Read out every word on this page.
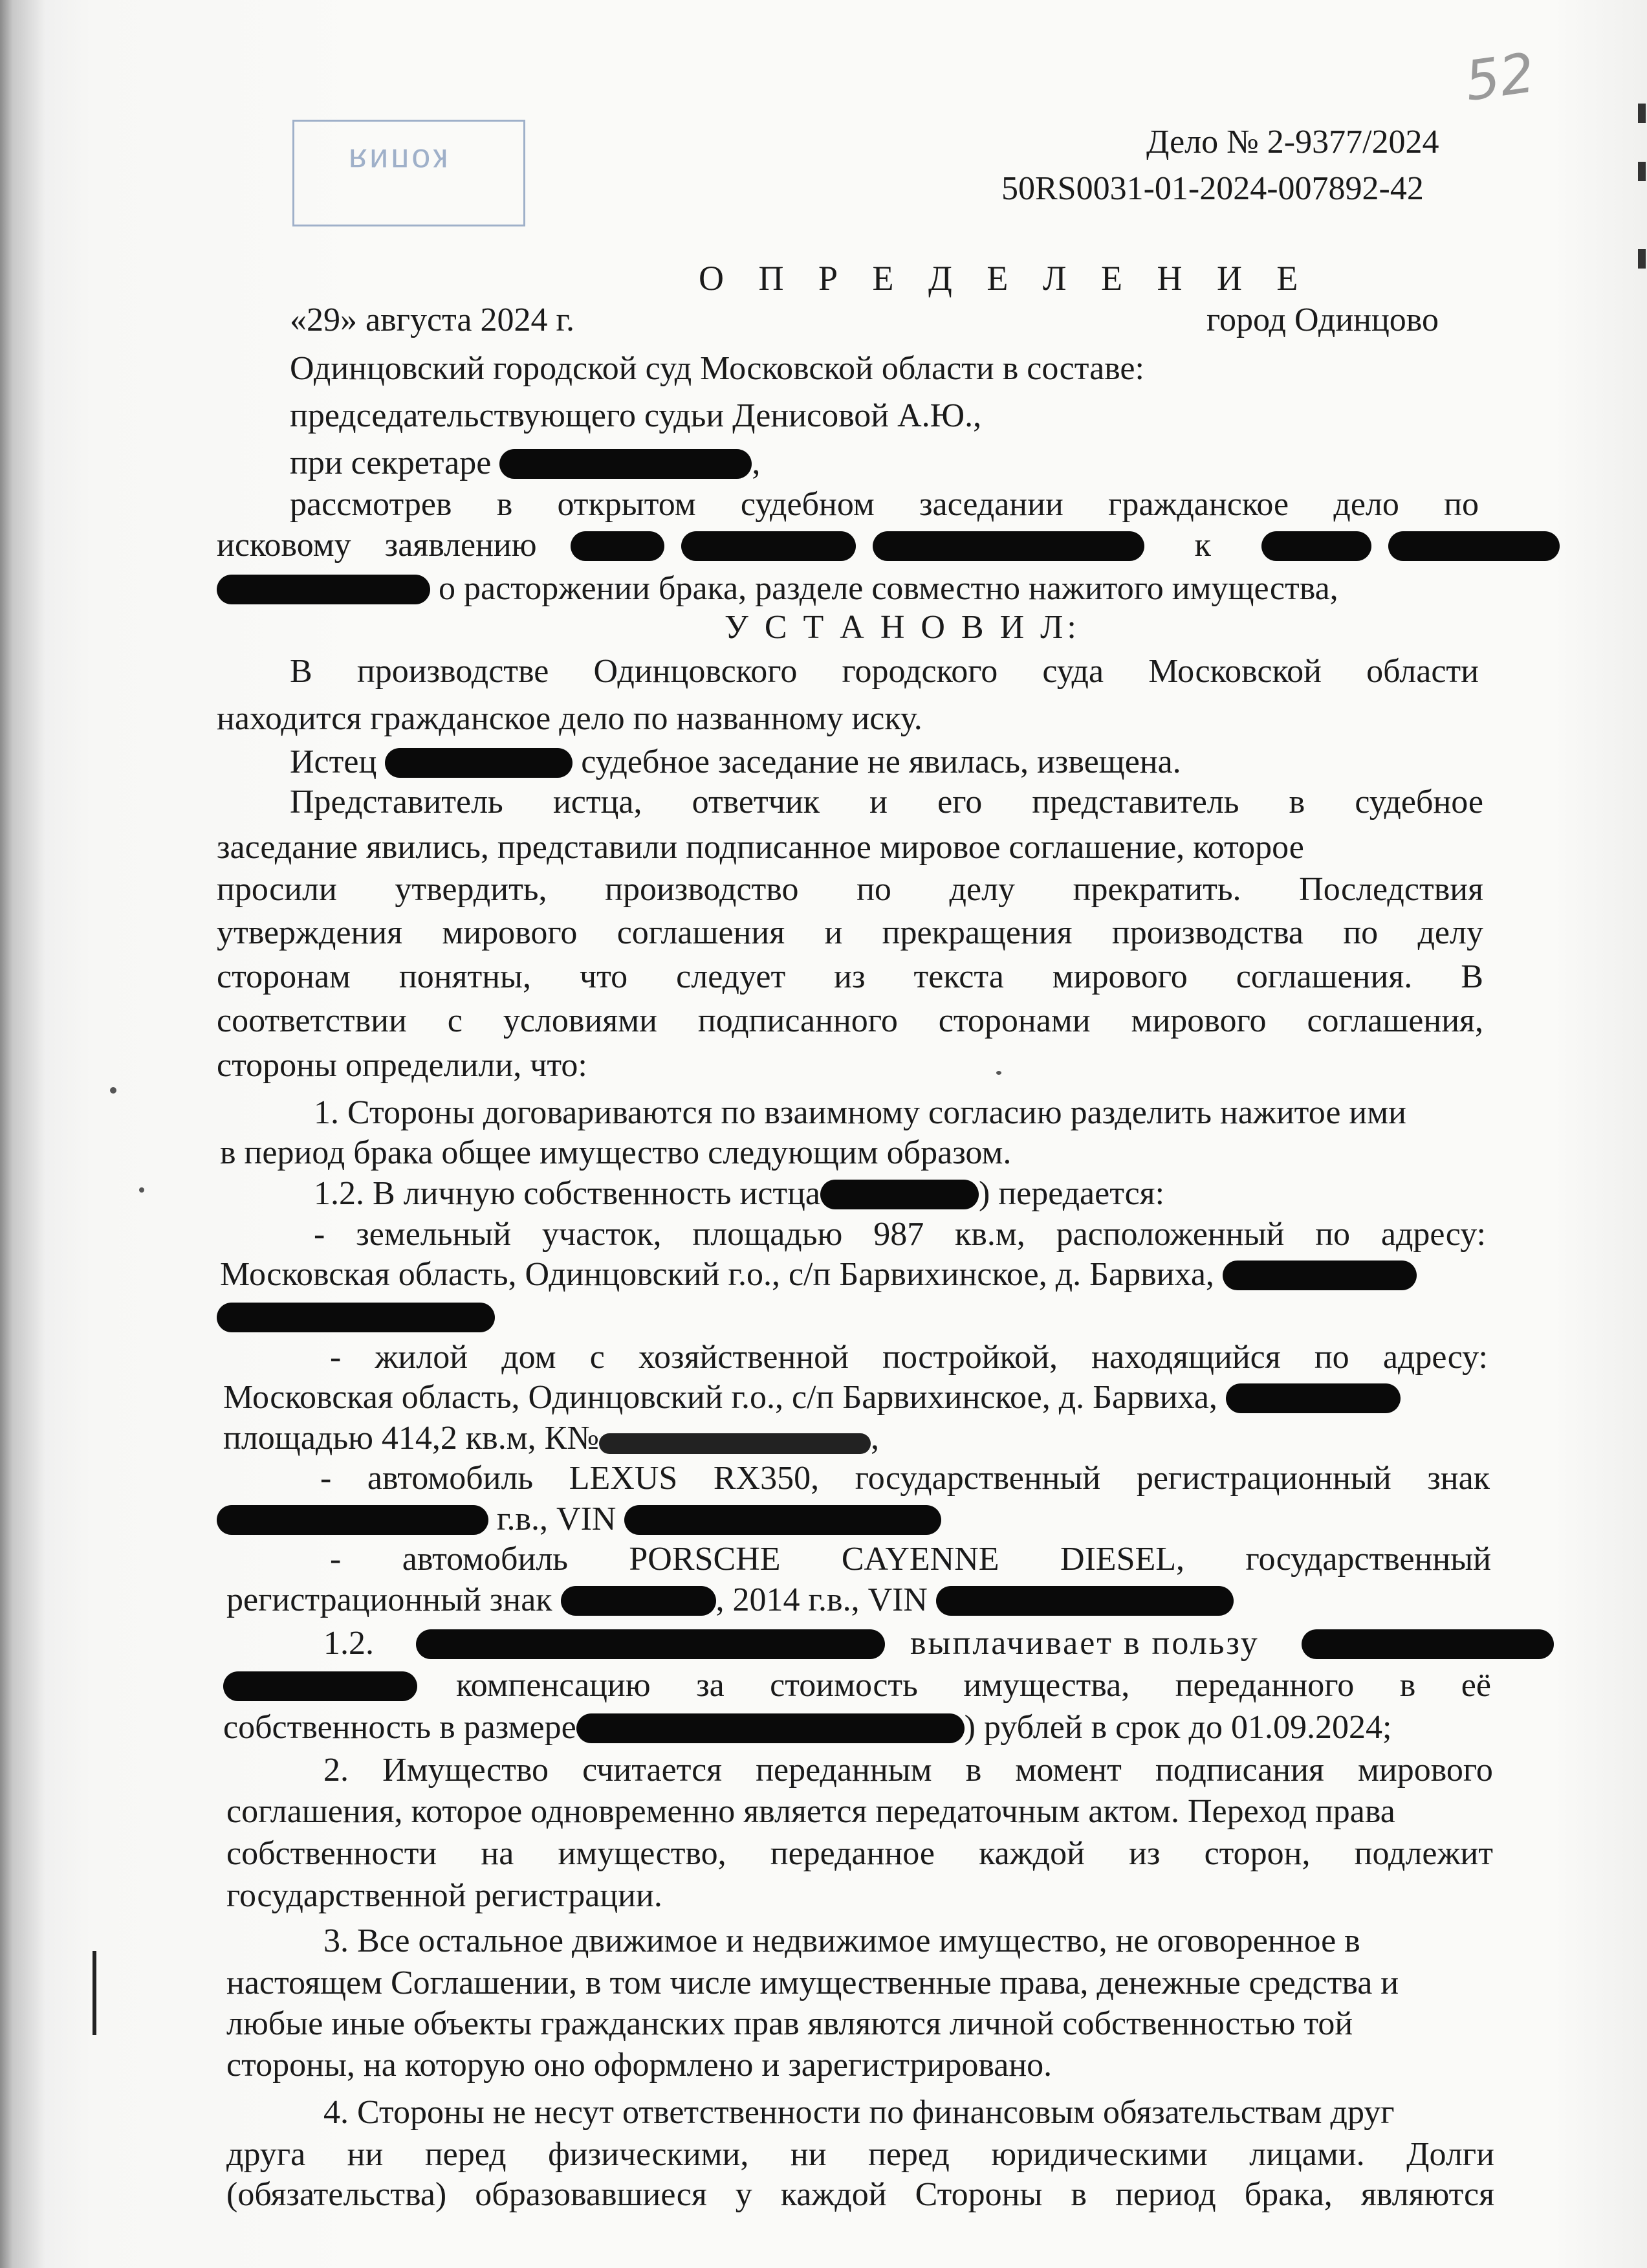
52
копия	Дело № 2-9377/2024
50RS0031-01-2024-007892-42
О П Р Е Д Е Л Е Н И Е
«29» августа 2024 г.	город Одинцово
Одинцовский городской суд Московской области в составе:
председательствующего судьи Денисовой А.Ю.,
при секретаре	,
рассмотрев в открытом судебном заседании гражданское дело по
исковому заявлению	к
о расторжении брака, разделе совместно нажитого имущества,
У С Т А Н О В И Л:
В производстве Одинцовского городского суда Московской области
находится гражданское дело по названному иску.
Истец	судебное заседание не явилась, извещена.
Представитель истца, ответчик и его представитель в судебное
заседание явились, представили подписанное мировое соглашение, которое
просили утвердить, производство по делу прекратить. Последствия
утверждения мирового соглашения и прекращения производства по делу
сторонам понятны, что следует из текста мирового соглашения. В
соответствии с условиями подписанного сторонами мирового соглашения,
стороны определили, что:
1. Стороны договариваются по взаимному согласию разделить нажитое ими
в период брака общее имущество следующим образом.
1.2. В личную собственность истца	) передается:
- земельный участок, площадью 987 кв.м, расположенный по адресу:
Московская область, Одинцовский г.о., с/п Барвихинское, д. Барвиха,
- жилой дом с хозяйственной постройкой, находящийся по адресу:
Московская область, Одинцовский г.о., с/п Барвихинское, д. Барвиха,
площадью 414,2 кв.м, К№	,
- автомобиль LEXUS RX350, государственный регистрационный знак
г.в., VIN
- автомобиль PORSCHE CAYENNE DIESEL, государственный
регистрационный знак	, 2014 г.в., VIN
1.2.	выплачивает в пользу
компенсацию за стоимость имущества, переданного в её
собственность в размере	) рублей в срок до 01.09.2024;
2. Имущество считается переданным в момент подписания мирового
соглашения, которое одновременно является передаточным актом. Переход права
собственности на имущество, переданное каждой из сторон, подлежит
государственной регистрации.
3. Все остальное движимое и недвижимое имущество, не оговоренное в
настоящем Соглашении, в том числе имущественные права, денежные средства и
любые иные объекты гражданских прав являются личной собственностью той
стороны, на которую оно оформлено и зарегистрировано.
4. Стороны не несут ответственности по финансовым обязательствам друг
друга ни перед физическими, ни перед юридическими лицами. Долги
(обязательства) образовавшиеся у каждой Стороны в период брака, являются
